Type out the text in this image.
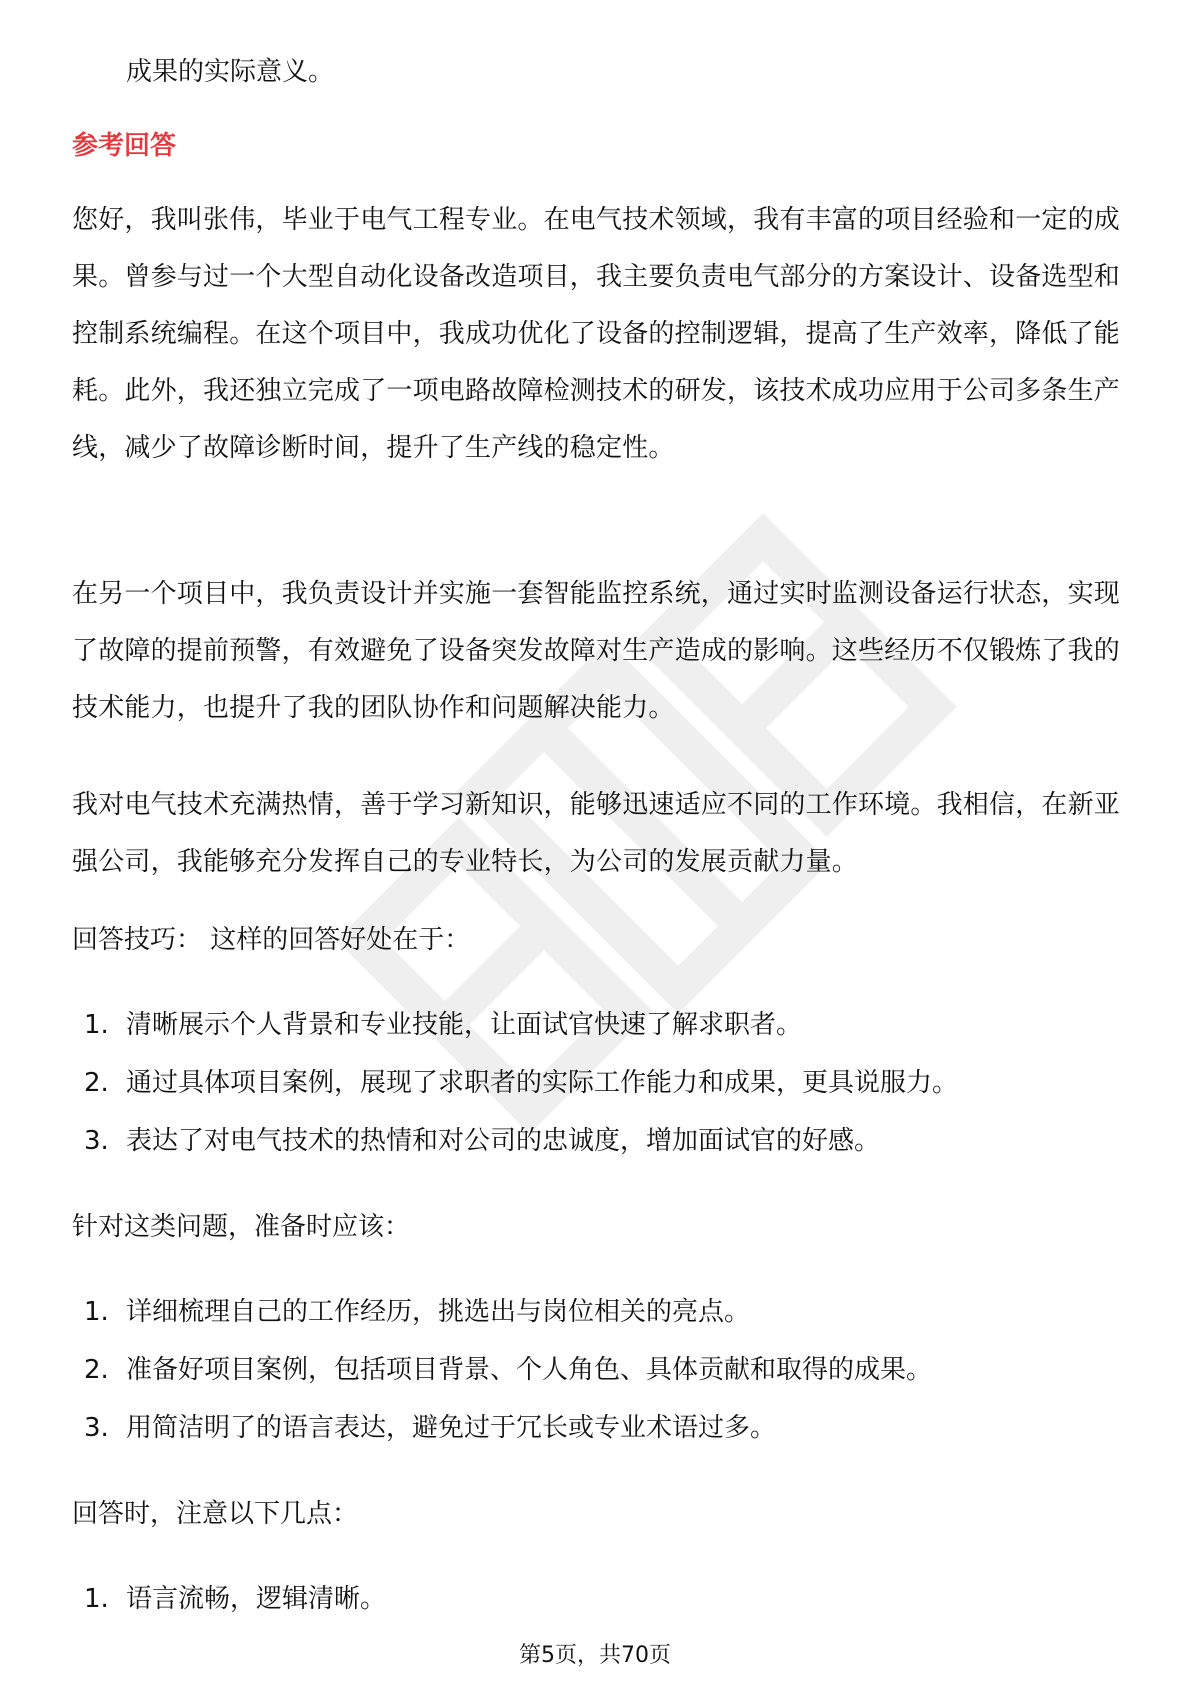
成果的实际意义。
参考回答

您好，我叫张伟，毕业于电气工程专业。在电气技术领域，我有丰富的项目经验和一定的成果。曾参与过一个大型自动化设备改造项目，我主要负责电气部分的方案设计、设备选型和控制系统编程。在这个项目中，我成功优化了设备的控制逻辑，提高了生产效率，降低了能耗。此外，我还独立完成了一项电路故障检测技术的研发，该技术成功应用于公司多条生产线，减少了故障诊断时间，提升了生产线的稳定性。

在另一个项目中，我负责设计并实施一套智能监控系统，通过实时监测设备运行状态，实现了故障的提前预警，有效避免了设备突发故障对生产造成的影响。这些经历不仅锻炼了我的技术能力，也提升了我的团队协作和问题解决能力。

我对电气技术充满热情，善于学习新知识，能够迅速适应不同的工作环境。我相信，在新亚强公司，我能够充分发挥自己的专业特长，为公司的发展贡献力量。

回答技巧： 这样的回答好处在于：

1. 清晰展示个人背景和专业技能，让面试官快速了解求职者。
2. 通过具体项目案例，展现了求职者的实际工作能力和成果，更具说服力。
3. 表达了对电气技术的热情和对公司的忠诚度，增加面试官的好感。

针对这类问题，准备时应该：

1. 详细梳理自己的工作经历，挑选出与岗位相关的亮点。
2. 准备好项目案例，包括项目背景、个人角色、具体贡献和取得的成果。
3. 用简洁明了的语言表达，避免过于冗长或专业术语过多。

回答时，注意以下几点：

1. 语言流畅，逻辑清晰。
第5页，共70页
